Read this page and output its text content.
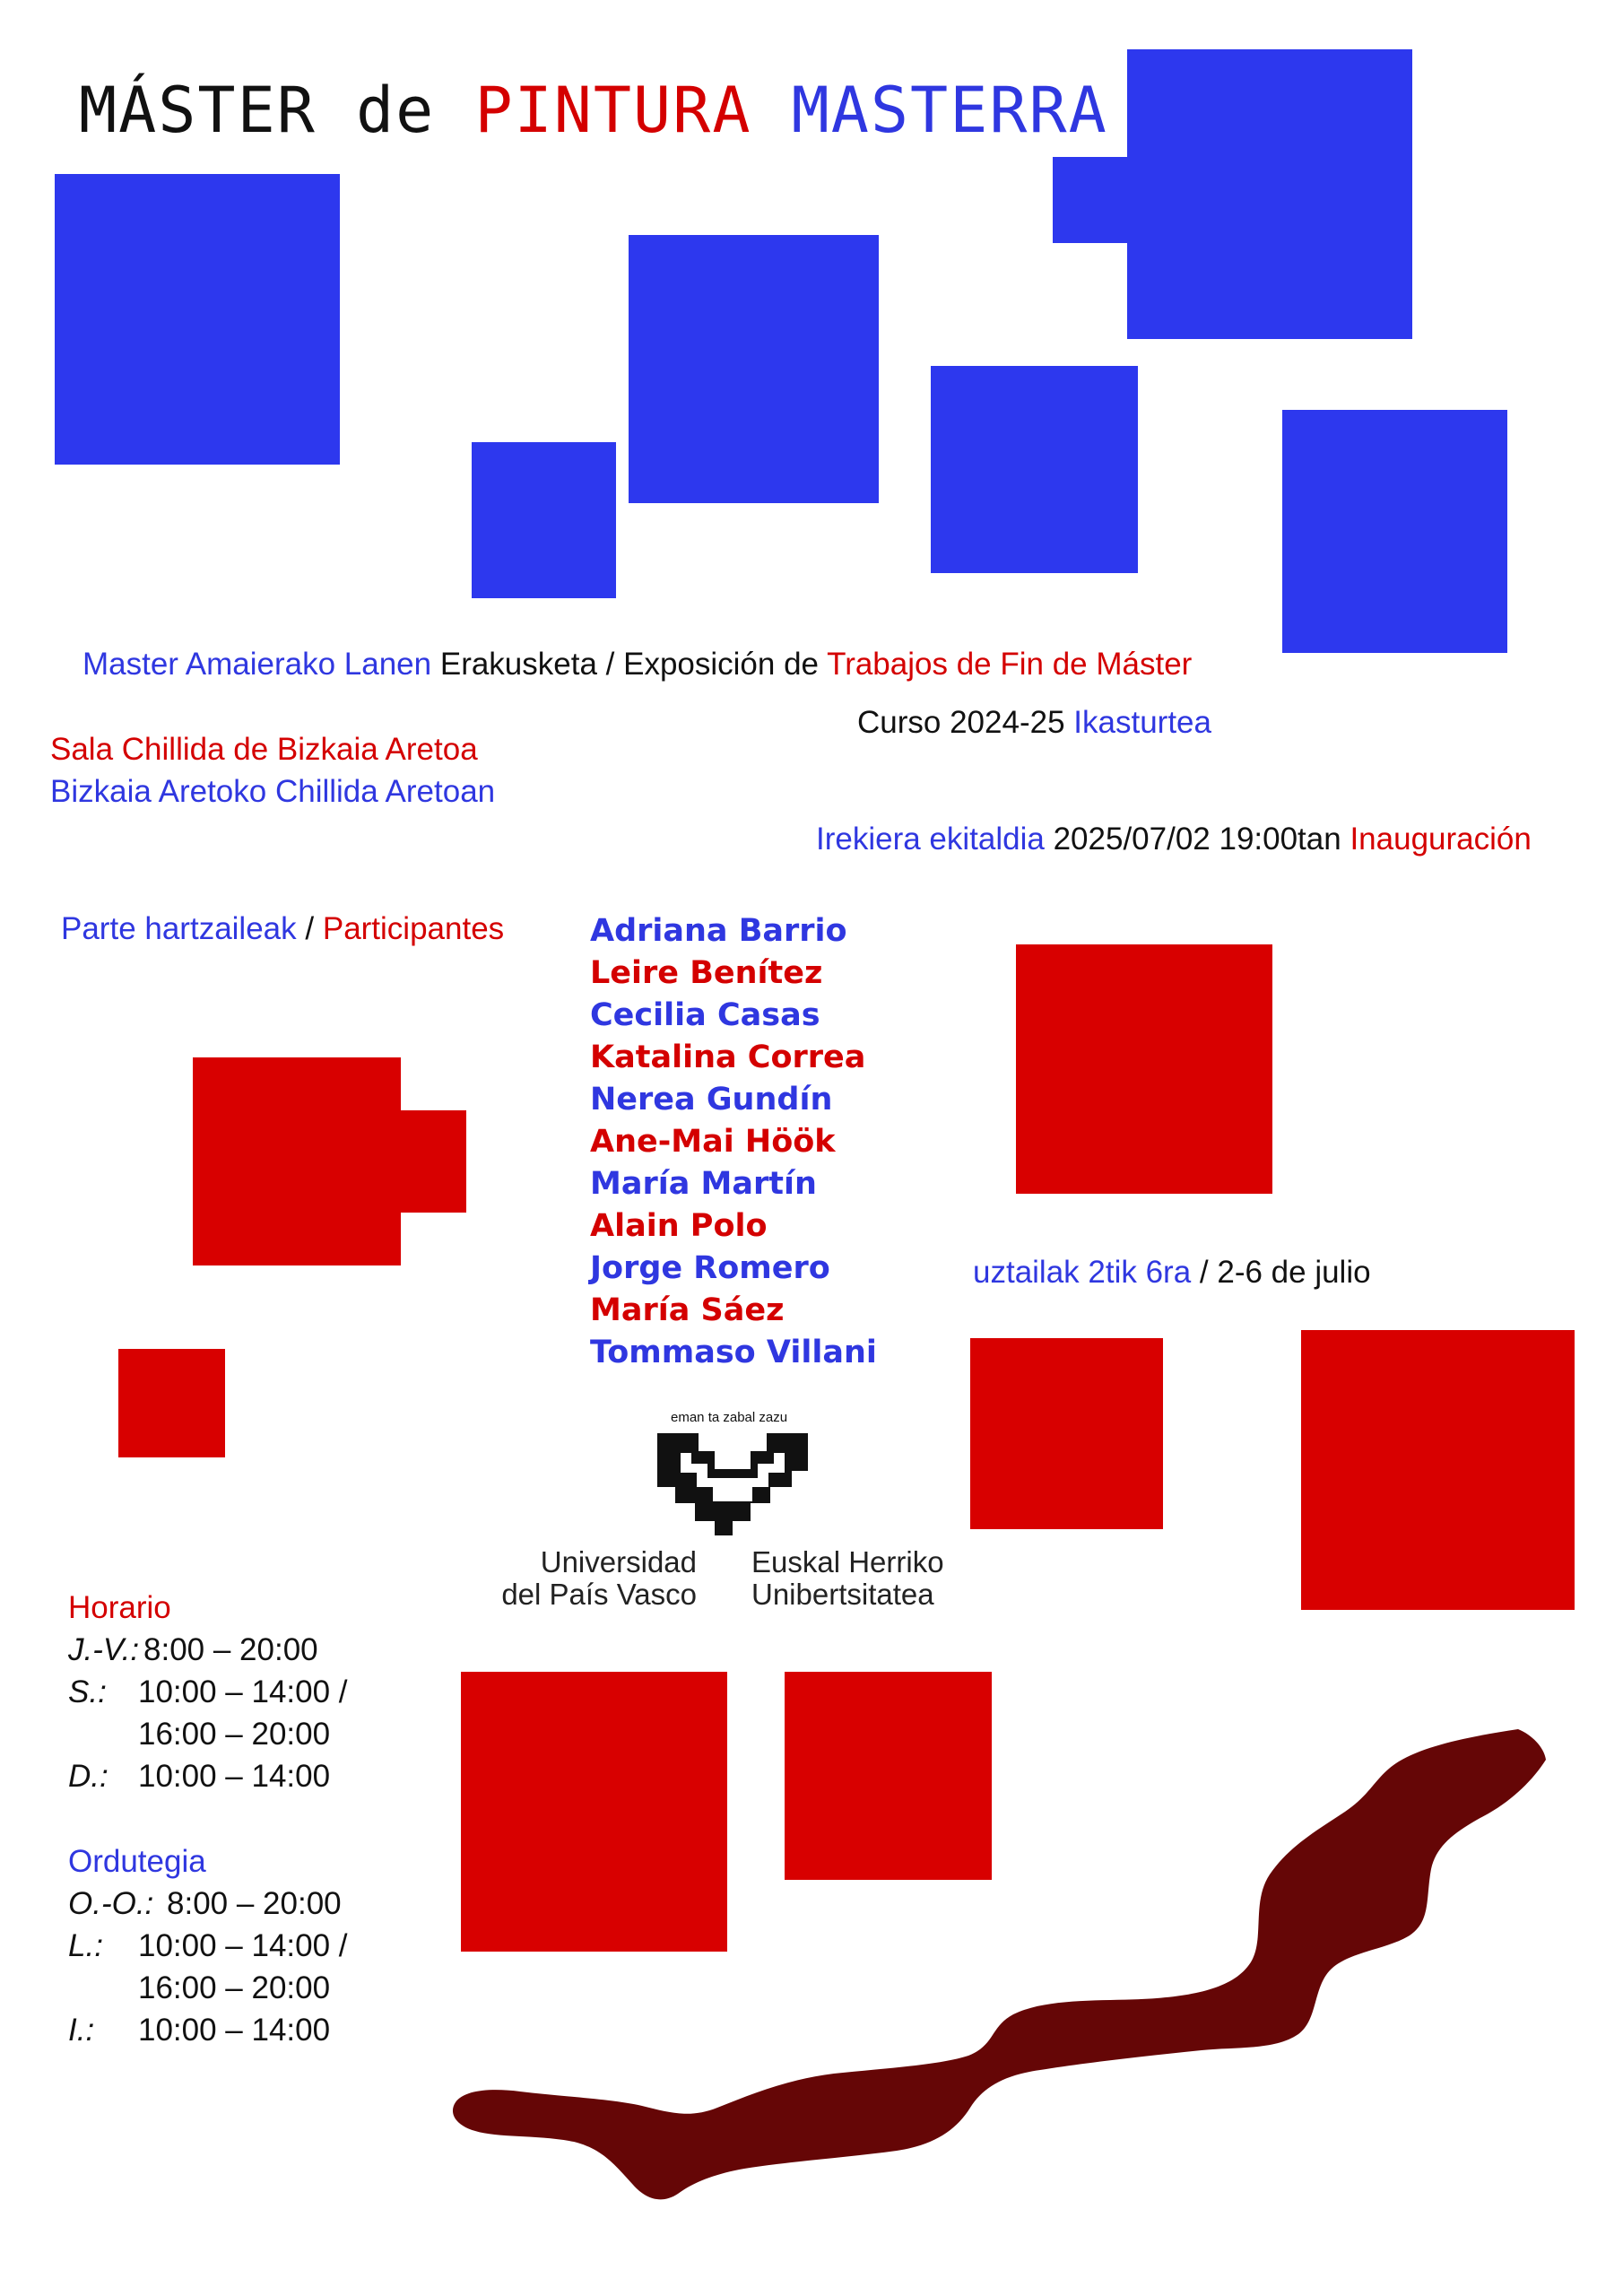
MÁSTER de PINTURA MASTERRA
Master Amaierako Lanen Erakusketa / Exposición de Trabajos de Fin de Máster
Curso 2024-25 Ikasturtea
Sala Chillida de Bizkaia Aretoa
Bizkaia Aretoko Chillida Aretoan
Irekiera ekitaldia 2025/07/02 19:00tan Inauguración
Parte hartzaileak / Participantes	Adriana Barrio
Leire Benítez
Cecilia Casas
Katalina Correa
Nerea Gundín
Ane-Mai Höök
María Martín
Alain Polo
Jorge Romero
María Sáez
Tommaso Villani
uztailak 2tik 6ra / 2-6 de julio
eman ta zabal zazu
Universidad
del País Vasco
Euskal Herriko
Unibertsitatea
Horario
J.-V.: 8:00 – 20:00
S.: 10:00 – 14:00 /
16:00 – 20:00
D.: 10:00 – 14:00
Ordutegia
O.-O.: 8:00 – 20:00
L.: 10:00 – 14:00 /
16:00 – 20:00
I.: 10:00 – 14:00
